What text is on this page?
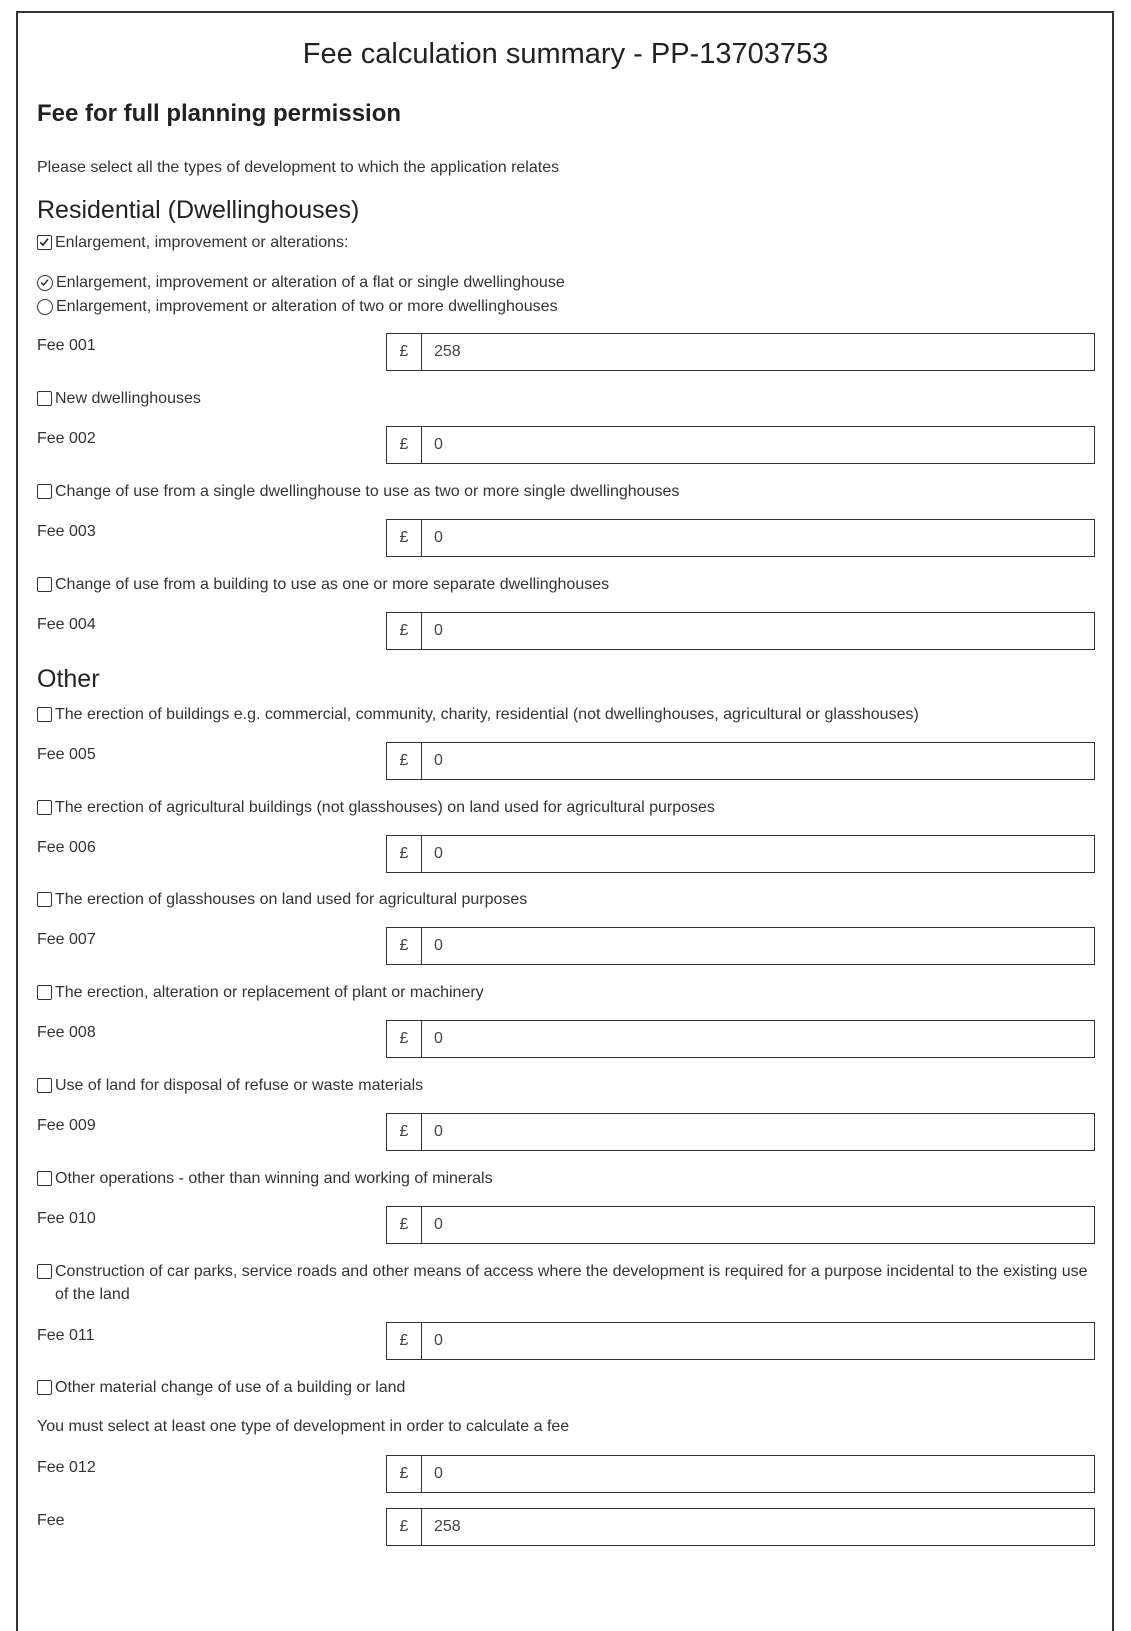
Fee calculation summary - PP-13703753
Fee for full planning permission
Please select all the types of development to which the application relates
Residential (Dwellinghouses)
Enlargement, improvement or alterations:
Enlargement, improvement or alteration of a flat or single dwellinghouse
Enlargement, improvement or alteration of two or more dwellinghouses
Fee 001	£	258
New dwellinghouses
Fee 002	£	0
Change of use from a single dwellinghouse to use as two or more single dwellinghouses
Fee 003	£	0
Change of use from a building to use as one or more separate dwellinghouses
Fee 004	£	0
Other
The erection of buildings e.g. commercial, community, charity, residential (not dwellinghouses, agricultural or glasshouses)
Fee 005	£	0
The erection of agricultural buildings (not glasshouses) on land used for agricultural purposes
Fee 006	£	0
The erection of glasshouses on land used for agricultural purposes
Fee 007	£	0
The erection, alteration or replacement of plant or machinery
Fee 008	£	0
Use of land for disposal of refuse or waste materials
Fee 009	£	0
Other operations - other than winning and working of minerals
Fee 010	£	0
Construction of car parks, service roads and other means of access where the development is required for a purpose incidental to the existing use of the land
Fee 011	£	0
Other material change of use of a building or land
You must select at least one type of development in order to calculate a fee
Fee 012	£	0
Fee	£	258
